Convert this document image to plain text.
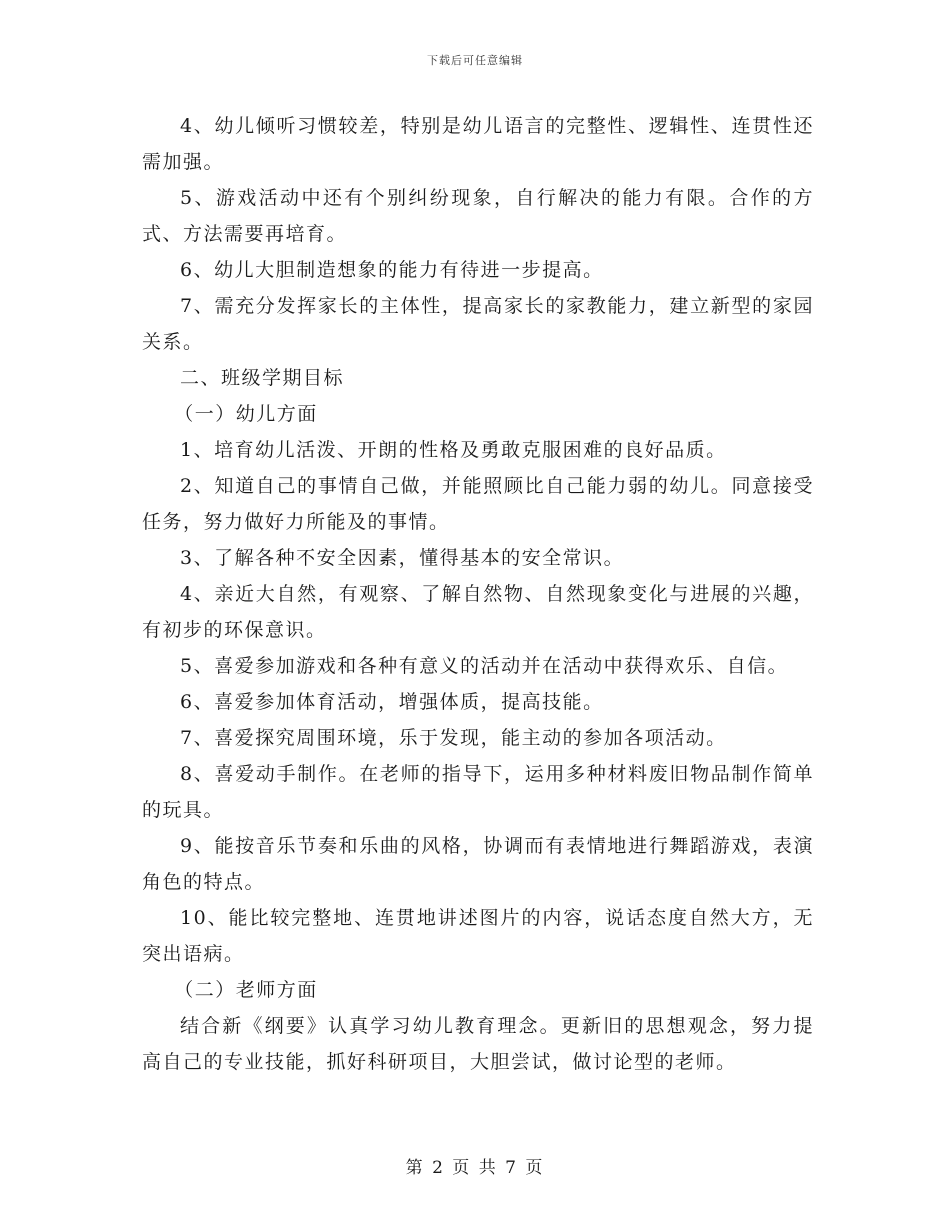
下载后可任意编辑

4、幼儿倾听习惯较差，特别是幼儿语言的完整性、逻辑性、连贯性还需加强。

5、游戏活动中还有个别纠纷现象，自行解决的能力有限。合作的方式、方法需要再培育。

6、幼儿大胆制造想象的能力有待进一步提高。

7、需充分发挥家长的主体性，提高家长的家教能力，建立新型的家园关系。

二、班级学期目标

（一）幼儿方面

1、培育幼儿活泼、开朗的性格及勇敢克服困难的良好品质。

2、知道自己的事情自己做，并能照顾比自己能力弱的幼儿。同意接受任务，努力做好力所能及的事情。

3、了解各种不安全因素，懂得基本的安全常识。

4、亲近大自然，有观察、了解自然物、自然现象变化与进展的兴趣，有初步的环保意识。

5、喜爱参加游戏和各种有意义的活动并在活动中获得欢乐、自信。

6、喜爱参加体育活动，增强体质，提高技能。

7、喜爱探究周围环境，乐于发现，能主动的参加各项活动。

8、喜爱动手制作。在老师的指导下，运用多种材料废旧物品制作简单的玩具。

9、能按音乐节奏和乐曲的风格，协调而有表情地进行舞蹈游戏，表演角色的特点。

10、能比较完整地、连贯地讲述图片的内容，说话态度自然大方，无突出语病。

（二）老师方面

结合新《纲要》认真学习幼儿教育理念。更新旧的思想观念，努力提高自己的专业技能，抓好科研项目，大胆尝试，做讨论型的老师。

第 2 页 共 7 页
